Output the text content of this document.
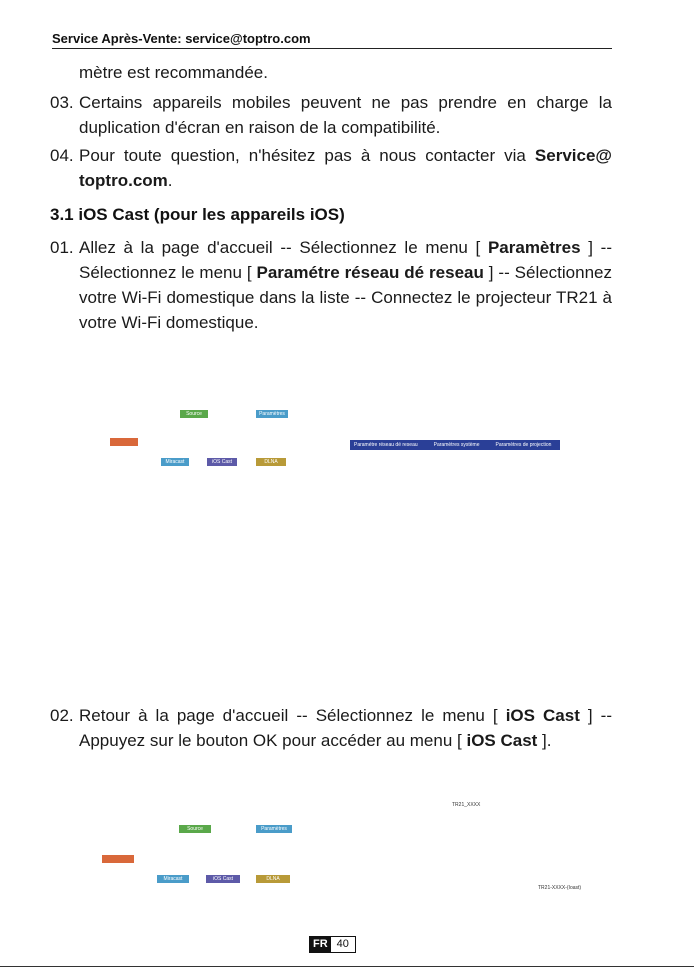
Service Après-Vente: service@toptro.com
mètre est recommandée.
03. Certains appareils mobiles peuvent ne pas prendre en charge la duplication d'écran en raison de la compatibilité.
04. Pour toute question, n'hésitez pas à nous contacter via Service@ toptro.com.
3.1 iOS Cast (pour les appareils iOS)
01. Allez à la page d'accueil -- Sélectionnez le menu [ Paramètres ] -- Sélectionnez le menu [ Paramétre réseau dé reseau ] -- Sélectionnez votre Wi-Fi domestique dans la liste -- Connectez le projecteur TR21 à votre Wi-Fi domestique.
Source	Paramètres
Miracast	iOS Cast	DLNA
Paramétre réseau dé reseau	Paramètres système	Paramètres de projection
02. Retour à la page d'accueil -- Sélectionnez le menu [ iOS Cast ] -- Appuyez sur le bouton OK pour accéder au menu [ iOS Cast ].
TR21_XXXX
Source	Paramètres
Miracast	iOS Cast	DLNA
TR21-XXXX-(Ioast)
FR 40
